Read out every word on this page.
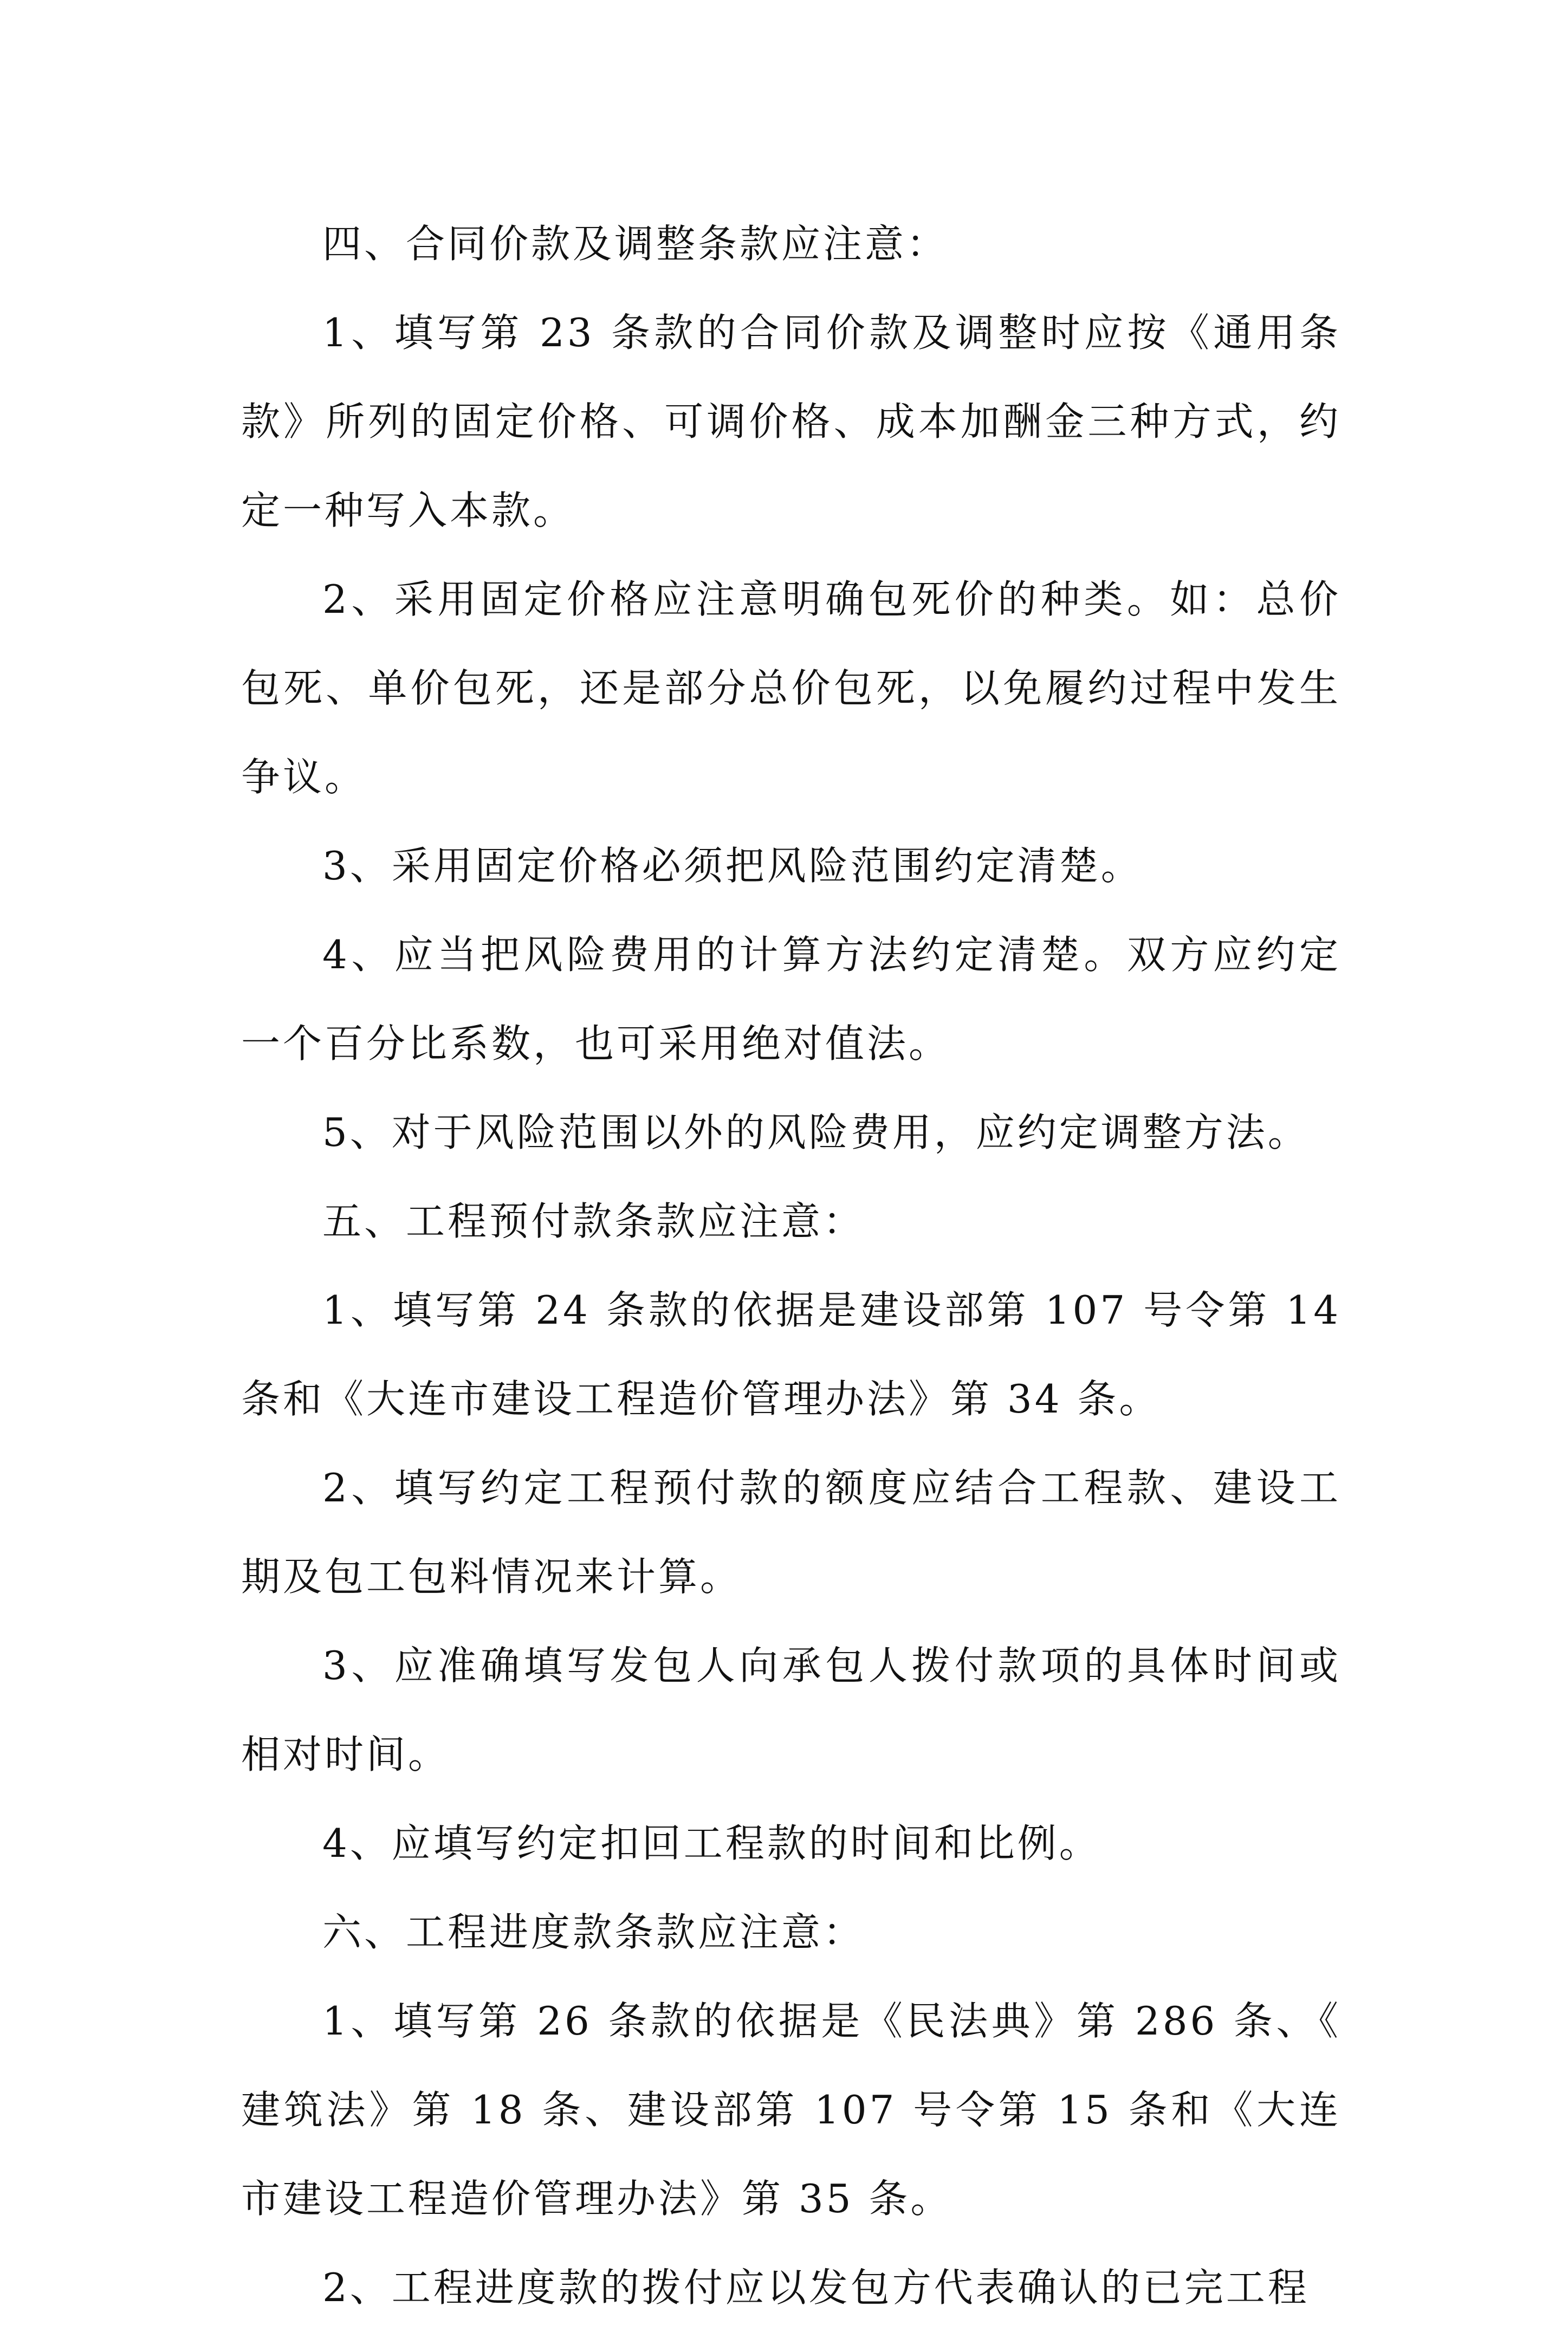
四、合同价款及调整条款应注意：

1、填写第 23 条款的合同价款及调整时应按《通用条款》所列的固定价格、可调价格、成本加酬金三种方式，约定一种写入本款。

2、采用固定价格应注意明确包死价的种类。如：总价包死、单价包死，还是部分总价包死，以免履约过程中发生争议。

3、采用固定价格必须把风险范围约定清楚。

4、应当把风险费用的计算方法约定清楚。双方应约定一个百分比系数，也可采用绝对值法。

5、对于风险范围以外的风险费用，应约定调整方法。

五、工程预付款条款应注意：

1、填写第 24 条款的依据是建设部第 107 号令第 14 条和《大连市建设工程造价管理办法》第 34 条。

2、填写约定工程预付款的额度应结合工程款、建设工期及包工包料情况来计算。

3、应准确填写发包人向承包人拨付款项的具体时间或相对时间。

4、应填写约定扣回工程款的时间和比例。

六、工程进度款条款应注意：

1、填写第 26 条款的依据是《民法典》第 286 条、《建筑法》第 18 条、建设部第 107 号令第 15 条和《大连市建设工程造价管理办法》第 35 条。

2、工程进度款的拨付应以发包方代表确认的已完工程
